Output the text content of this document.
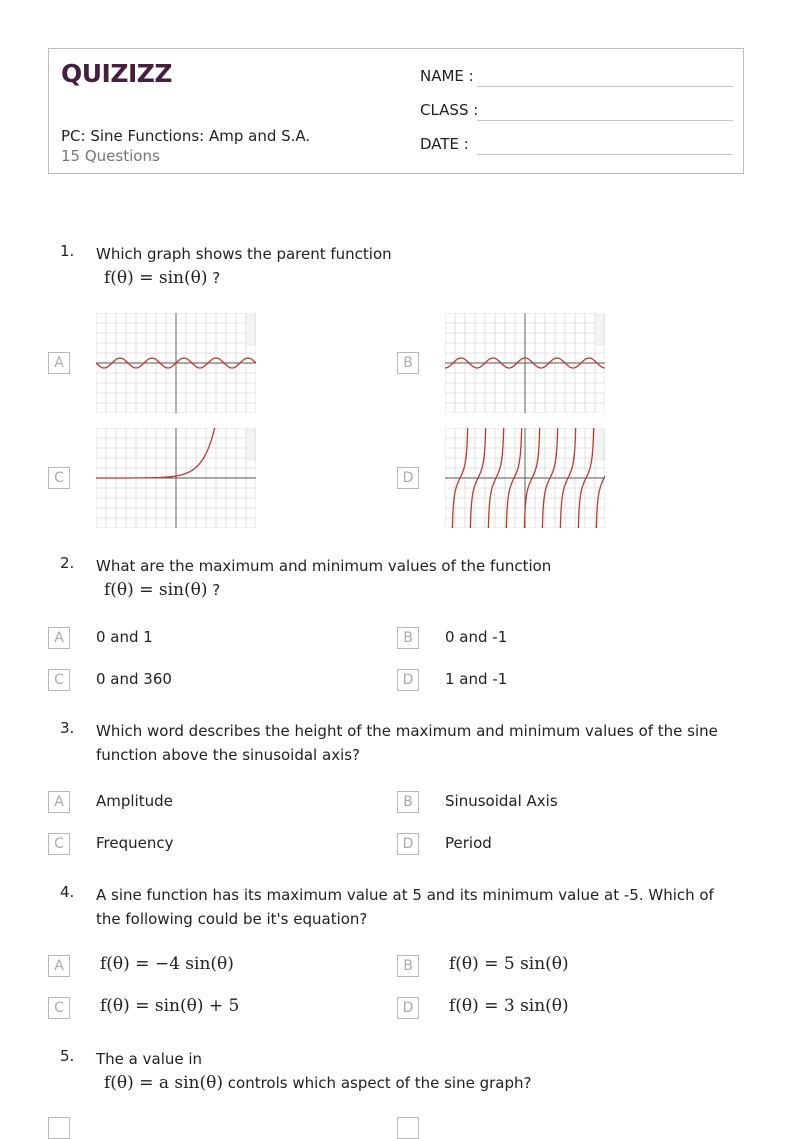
QUIZIZZ
PC: Sine Functions: Amp and S.A.
15 Questions
NAME :
CLASS :
DATE :
1. Which graph shows the parent function
f(θ) = sin(θ) ?
A	B
C	D
2. What are the maximum and minimum values of the function
f(θ) = sin(θ) ?
A	0 and 1	B	0 and -1
C	0 and 360	D	1 and -1
3. Which word describes the height of the maximum and minimum values of the sine function above the sinusoidal axis?
A	Amplitude	B	Sinusoidal Axis
C	Frequency	D	Period
4. A sine function has its maximum value at 5 and its minimum value at -5. Which of the following could be it's equation?
A	f(θ) = −4 sin(θ)	B	f(θ) = 5 sin(θ)
C	f(θ) = sin(θ) + 5	D	f(θ) = 3 sin(θ)
5. The a value in
f(θ) = a sin(θ) controls which aspect of the sine graph?
